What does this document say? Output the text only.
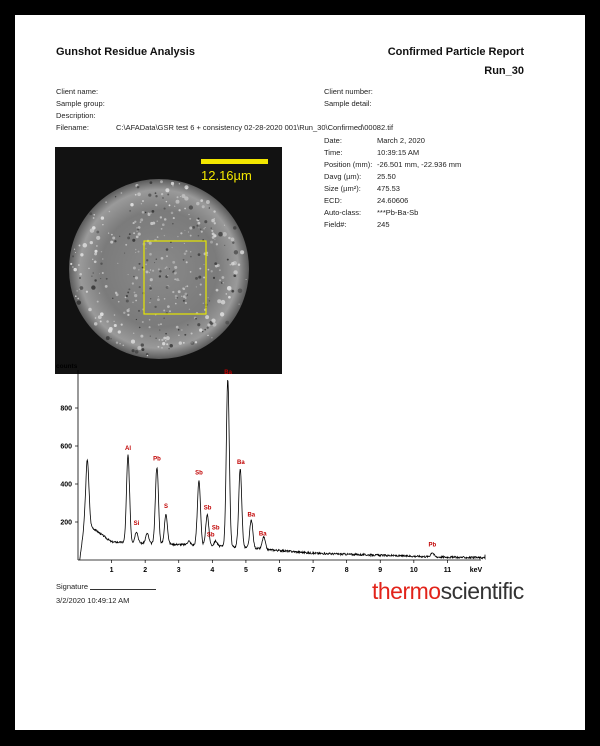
Gunshot Residue Analysis	Confirmed Particle Report
Run_30
Client name:
Sample group:
Description:
Filename:	C:\AFAData\GSR test 6 + consistency 02-28-2020 001\Run_30\Confirmed\00082.tif
Client number:
Sample detail:
Date:	March 2, 2020
Time:	10:39:15 AM
Position (mm): -26.501 mm, -22.936 mm
Davg (µm): 25.50
Size (µm²): 475.53
ECD:	24.60606
Auto-class: ***Pb-Ba-Sb
Field#:	245
12.16µm
200
400
600
800
1	2	3	4	5	6	7	8	9	10	11
counts
keV
Ba
Al
Pb
Ba
Sb
S	Sb
Ba
Si
Sb
Sb	Ba
Pb
Signature
3/2/2020 10:49:12 AM	thermoscientific
